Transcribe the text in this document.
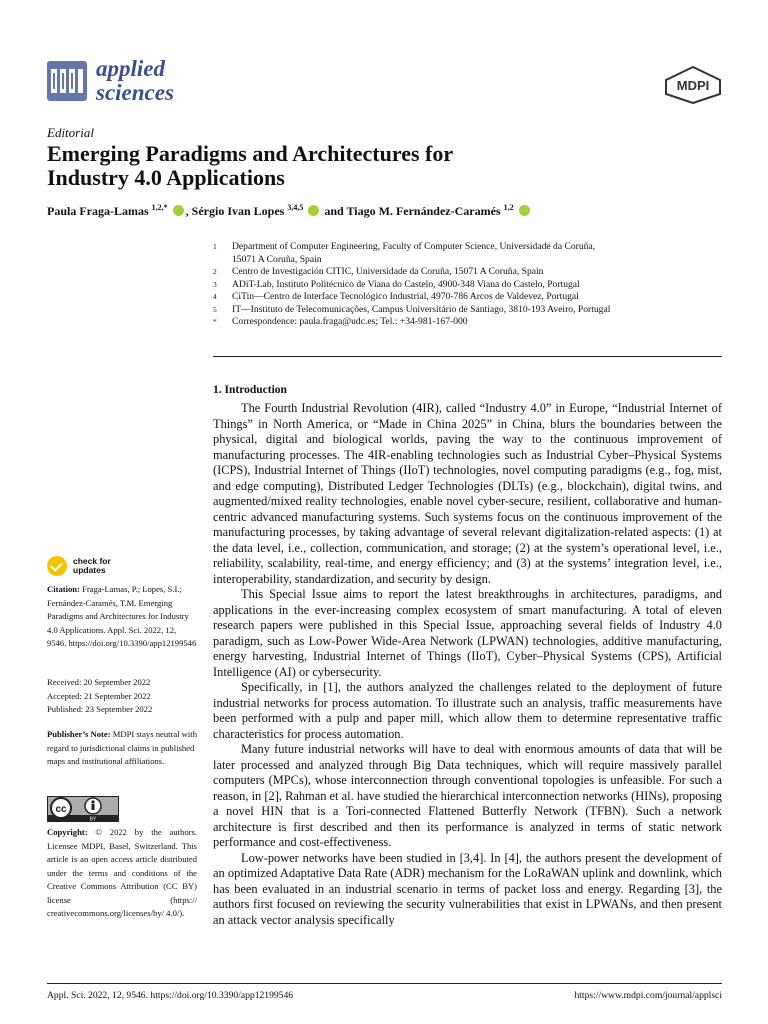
applied
sciences	MDPI
Editorial
Emerging Paradigms and Architectures for
Industry 4.0 Applications
Paula Fraga-Lamas $^{1,2,*}$ , Sérgio Ivan Lopes $^{3,4,5}$  and Tiago M. Fernández-Caramés $^{1,2}$
1	Department of Computer Engineering, Faculty of Computer Science, Universidade da Coruña,
15071 A Coruña, Spain
2	Centro de Investigación CITIC, Universidade da Coruña, 15071 A Coruña, Spain
3	ADiT-Lab, Instituto Politécnico de Viana do Castelo, 4900-348 Viana do Castelo, Portugal
4	CiTin—Centro de Interface Tecnológico Industrial, 4970-786 Arcos de Valdevez, Portugal
5	IT—Instituto de Telecomunicações, Campus Universitário de Santiago, 3810-193 Aveiro, Portugal
*	Correspondence: paula.fraga@udc.es; Tel.: +34-981-167-000
1. Introduction

The Fourth Industrial Revolution (4IR), called “Industry 4.0” in Europe, “Industrial Internet of Things” in North America, or “Made in China 2025” in China, blurs the boundaries between the physical, digital and biological worlds, paving the way to the continuous improvement of manufacturing processes. The 4IR-enabling technologies such as Industrial Cyber–Physical Systems (ICPS), Industrial Internet of Things (IIoT) technologies, novel computing paradigms (e.g., fog, mist, and edge computing), Distributed Ledger Technologies (DLTs) (e.g., blockchain), digital twins, and augmented/mixed reality technologies, enable novel cyber-secure, resilient, collaborative and human-centric advanced manufacturing systems. Such systems focus on the continuous improvement of the manufacturing processes, by taking advantage of several relevant digitalization-related aspects: (1) at the data level, i.e., collection, communication, and storage; (2) at the system’s operational level, i.e., reliability, scalability, real-time, and energy efficiency; and (3) at the systems’ integration level, i.e., interoperability, standardization, and security by design.

This Special Issue aims to report the latest breakthroughs in architectures, paradigms, and applications in the ever-increasing complex ecosystem of smart manufacturing. A total of eleven research papers were published in this Special Issue, approaching several fields of Industry 4.0 paradigm, such as Low-Power Wide-Area Network (LPWAN) technologies, additive manufacturing, energy harvesting, Industrial Internet of Things (IIoT), Cyber–Physical Systems (CPS), Artificial Intelligence (AI) or cybersecurity.

Specifically, in [1], the authors analyzed the challenges related to the deployment of future industrial networks for process automation. To illustrate such an analysis, traffic measurements have been performed with a pulp and paper mill, which allow them to determine representative traffic characteristics for process automation.

Many future industrial networks will have to deal with enormous amounts of data that will be later processed and analyzed through Big Data techniques, which will require massively parallel computers (MPCs), whose interconnection through conventional topologies is unfeasible. For such a reason, in [2], Rahman et al. have studied the hierarchical interconnection networks (HINs), proposing a novel HIN that is a Tori-connected Flattened Butterfly Network (TFBN). Such a network architecture is first described and then its performance is analyzed in terms of static network performance and cost-effectiveness.

Low-power networks have been studied in [3,4]. In [4], the authors present the development of an optimized Adaptative Data Rate (ADR) mechanism for the LoRaWAN uplink and downlink, which has been evaluated in an industrial scenario in terms of packet loss and energy. Regarding [3], the authors first focused on reviewing the security vulnerabilities that exist in LPWANs, and then present an attack vector analysis specifically

check for
updates
Citation: Fraga-Lamas, P.; Lopes, S.I.; Fernández-Caramés, T.M. Emerging Paradigms and Architectures for Industry 4.0 Applications. Appl. Sci. 2022, 12, 9546. https://doi.org/10.3390/app12199546
Received: 20 September 2022
Accepted: 21 September 2022
Published: 23 September 2022
Publisher’s Note: MDPI stays neutral with regard to jurisdictional claims in published maps and institutional affiliations.
cc
BY
Copyright: © 2022 by the authors. Licensee MDPI, Basel, Switzerland. This article is an open access article distributed under the terms and conditions of the Creative Commons Attribution (CC BY) license (https:// creativecommons.org/licenses/by/ 4.0/).
Appl. Sci. 2022, 12, 9546. https://doi.org/10.3390/app12199546	https://www.mdpi.com/journal/applsci
